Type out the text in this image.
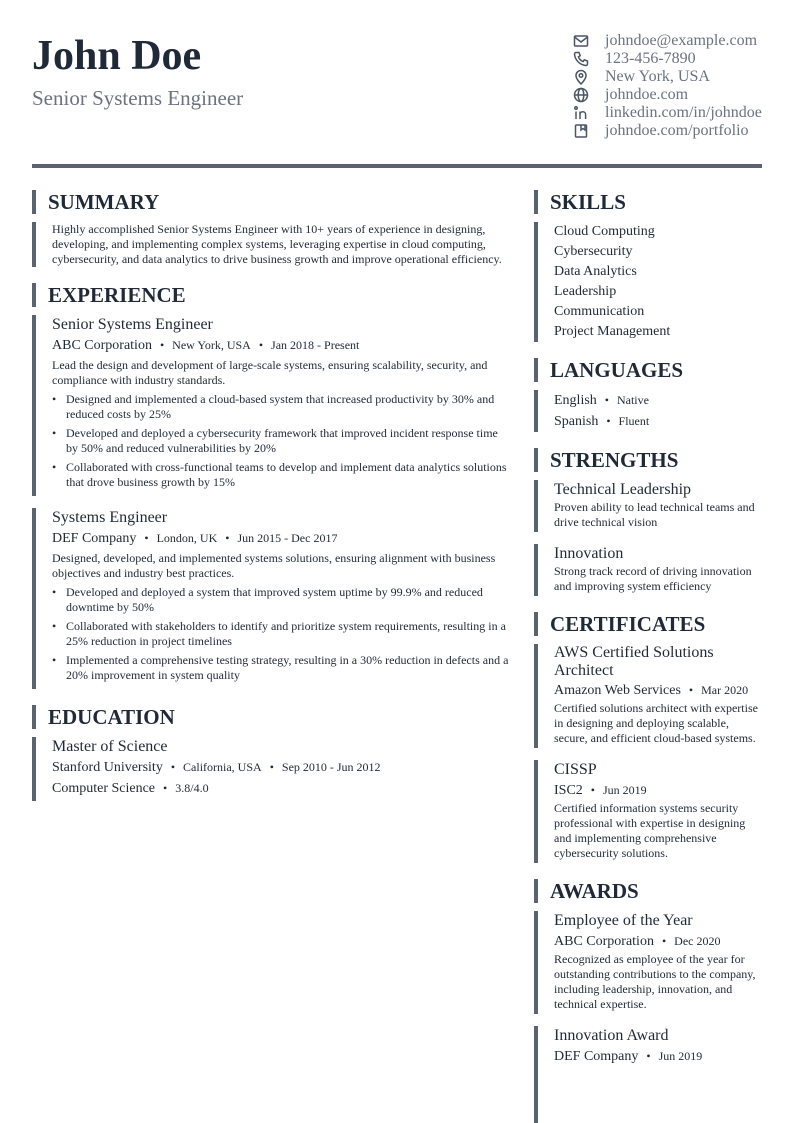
John Doe
Senior Systems Engineer
johndoe@example.com
123-456-7890
New York, USA
johndoe.com
linkedin.com/in/johndoe
johndoe.com/portfolio
SUMMARY
Highly accomplished Senior Systems Engineer with 10+ years of experience in designing, developing, and implementing complex systems, leveraging expertise in cloud computing, cybersecurity, and data analytics to drive business growth and improve operational efficiency.
EXPERIENCE
Senior Systems Engineer
ABC Corporation • New York, USA • Jan 2018 - Present
Lead the design and development of large-scale systems, ensuring scalability, security, and compliance with industry standards.
• Designed and implemented a cloud-based system that increased productivity by 30% and reduced costs by 25%
• Developed and deployed a cybersecurity framework that improved incident response time by 50% and reduced vulnerabilities by 20%
• Collaborated with cross-functional teams to develop and implement data analytics solutions that drove business growth by 15%
Systems Engineer
DEF Company • London, UK • Jun 2015 - Dec 2017
Designed, developed, and implemented systems solutions, ensuring alignment with business objectives and industry best practices.
• Developed and deployed a system that improved system uptime by 99.9% and reduced downtime by 50%
• Collaborated with stakeholders to identify and prioritize system requirements, resulting in a 25% reduction in project timelines
• Implemented a comprehensive testing strategy, resulting in a 30% reduction in defects and a 20% improvement in system quality
EDUCATION
Master of Science
Stanford University • California, USA • Sep 2010 - Jun 2012
Computer Science • 3.8/4.0
SKILLS
Cloud Computing
Cybersecurity
Data Analytics
Leadership
Communication
Project Management
LANGUAGES
English • Native
Spanish • Fluent
STRENGTHS
Technical Leadership
Proven ability to lead technical teams and drive technical vision
Innovation
Strong track record of driving innovation and improving system efficiency
CERTIFICATES
AWS Certified Solutions Architect
Amazon Web Services • Mar 2020
Certified solutions architect with expertise in designing and deploying scalable, secure, and efficient cloud-based systems.
CISSP
ISC2 • Jun 2019
Certified information systems security professional with expertise in designing and implementing comprehensive cybersecurity solutions.
AWARDS
Employee of the Year
ABC Corporation • Dec 2020
Recognized as employee of the year for outstanding contributions to the company, including leadership, innovation, and technical expertise.
Innovation Award
DEF Company • Jun 2019
